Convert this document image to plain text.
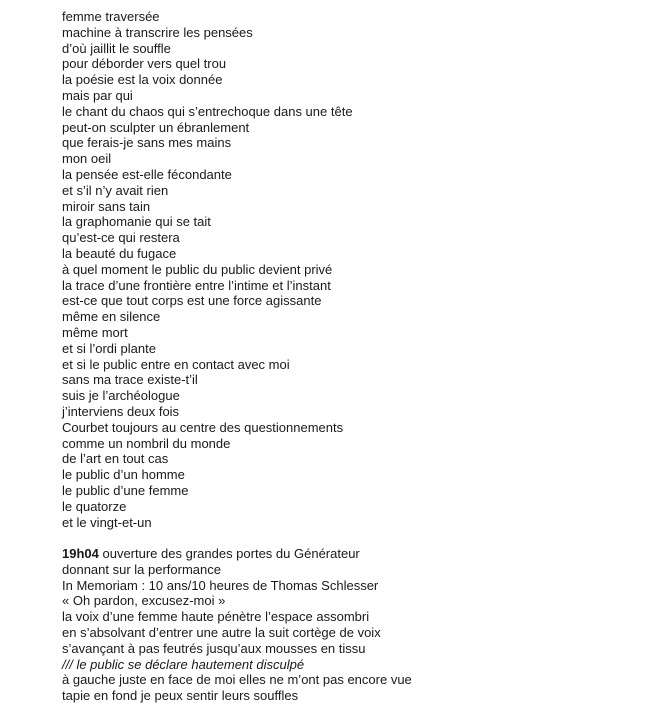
femme traversée
machine à transcrire les pensées
d’où jaillit le souffle
pour déborder vers quel trou
la poésie est la voix donnée
mais par qui
le chant du chaos qui s’entrechoque dans une tête
peut-on sculpter un ébranlement
que ferais-je sans mes mains
mon oeil
la pensée est-elle fécondante
et s’il n’y avait rien
miroir sans tain
la graphomanie qui se tait
qu’est-ce qui restera
la beauté du fugace
à quel moment le public du public devient privé
la trace d’une frontière entre l’intime et l’instant
est-ce que tout corps est une force agissante
même en silence
même mort
et si l’ordi plante
et si le public entre en contact avec moi
sans ma trace existe-t’il
suis je l’archéologue
j’interviens deux fois
Courbet toujours au centre des questionnements
comme un nombril du monde
de l’art en tout cas
le public d’un homme
le public d’une femme
le quatorze
et le vingt-et-un
19h04 ouverture des grandes portes du Générateur
donnant sur la performance
In Memoriam : 10 ans/10 heures de Thomas Schlesser
« Oh pardon, excusez-moi »
la voix d’une femme haute pénètre l’espace assombri
en s’absolvant d’entrer une autre la suit cortège de voix
s’avançant à pas feutrés jusqu’aux mousses en tissu
/// le public se déclare hautement disculpé
à gauche juste en face de moi elles ne m’ont pas encore vue
tapie en fond je peux sentir leurs souffles
